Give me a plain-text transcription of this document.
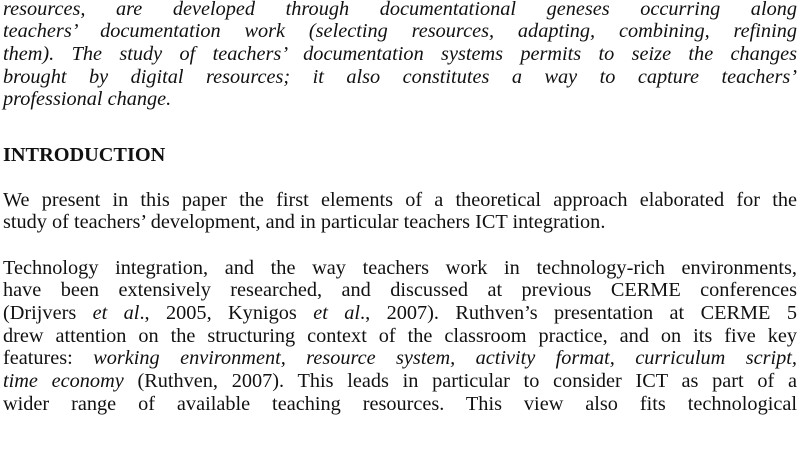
resources, are developed through documentational geneses occurring along
teachers’ documentation work (selecting resources, adapting, combining, refining
them). The study of teachers’ documentation systems permits to seize the changes
brought by digital resources; it also constitutes a way to capture teachers’
professional change.
INTRODUCTION
We present in this paper the first elements of a theoretical approach elaborated for the
study of teachers’ development, and in particular teachers ICT integration.
Technology integration, and the way teachers work in technology-rich environments,
have been extensively researched, and discussed at previous CERME conferences
(Drijvers et al., 2005, Kynigos et al., 2007). Ruthven’s presentation at CERME 5
drew attention on the structuring context of the classroom practice, and on its five key
features: working environment, resource system, activity format, curriculum script,
time economy (Ruthven, 2007). This leads in particular to consider ICT as part of a
wider range of available teaching resources. This view also fits technological
